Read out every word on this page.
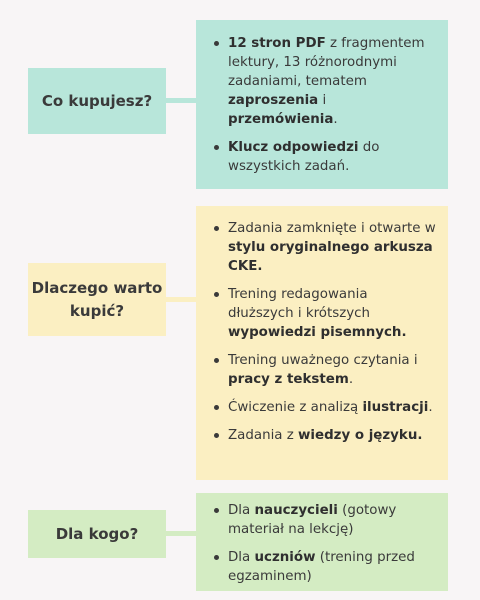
Co kupujesz?
12 stron PDF z fragmentem lektury, 13 różnorodnymi zadaniami, tematem zaproszenia i przemówienia.
Klucz odpowiedzi do wszystkich zadań.
Dlaczego warto kupić?
Zadania zamknięte i otwarte w stylu oryginalnego arkusza CKE.
Trening redagowania dłuższych i krótszych wypowiedzi pisemnych.
Trening uważnego czytania i pracy z tekstem.
Ćwiczenie z analizą ilustracji.
Zadania z wiedzy o języku.
Dla kogo?
Dla nauczycieli (gotowy materiał na lekcję)
Dla uczniów (trening przed egzaminem)
